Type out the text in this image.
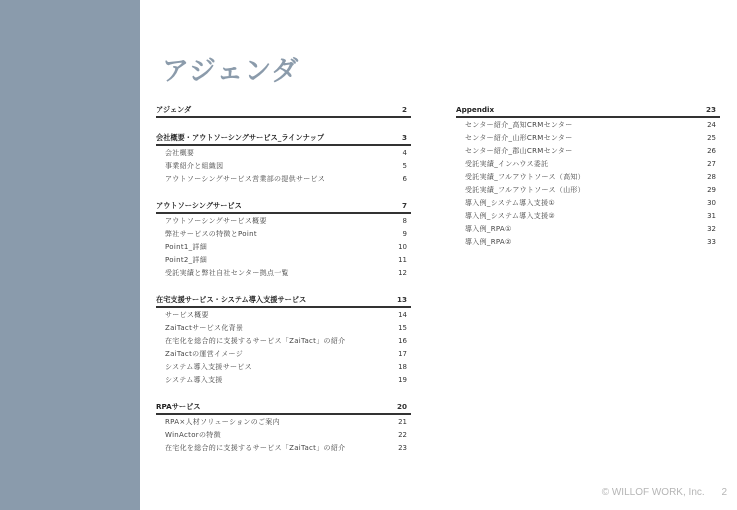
アジェンダ
アジェンダ	2
会社概要・アウトソーシングサービス_ラインナップ	3
会社概要	4
事業紹介と組織図	5
アウトソーシングサービス営業部の提供サービス	6
アウトソーシングサービス	7
アウトソーシングサービス概要	8
弊社サービスの特徴とPoint	9
Point1_詳細	10
Point2_詳細	11
受託実績と弊社自社センター拠点一覧	12
在宅支援サービス・システム導入支援サービス	13
サービス概要	14
ZaiTactサービス化背景	15
在宅化を総合的に支援するサービス「ZaiTact」の紹介	16
ZaiTactの運営イメージ	17
システム導入支援サービス	18
システム導入支援	19
RPAサービス	20
RPA×人材ソリューションのご案内	21
WinActorの特徴	22
在宅化を総合的に支援するサービス「ZaiTact」の紹介	23
Appendix	23
センター紹介_高知CRMセンター	24
センター紹介_山形CRMセンター	25
センター紹介_郡山CRMセンター	26
受託実績_インハウス委託	27
受託実績_フルアウトソース（高知）	28
受託実績_フルアウトソース（山形）	29
導入例_システム導入支援①	30
導入例_システム導入支援②	31
導入例_RPA①	32
導入例_RPA②	33
© WILLOF WORK, Inc. 2
